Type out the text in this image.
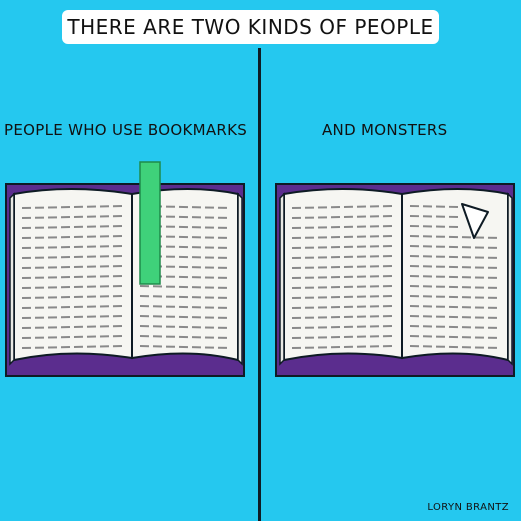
THERE ARE TWO KINDS OF PEOPLE
PEOPLE WHO USE BOOKMARKS	AND MONSTERS
LORYN BRANTZ
